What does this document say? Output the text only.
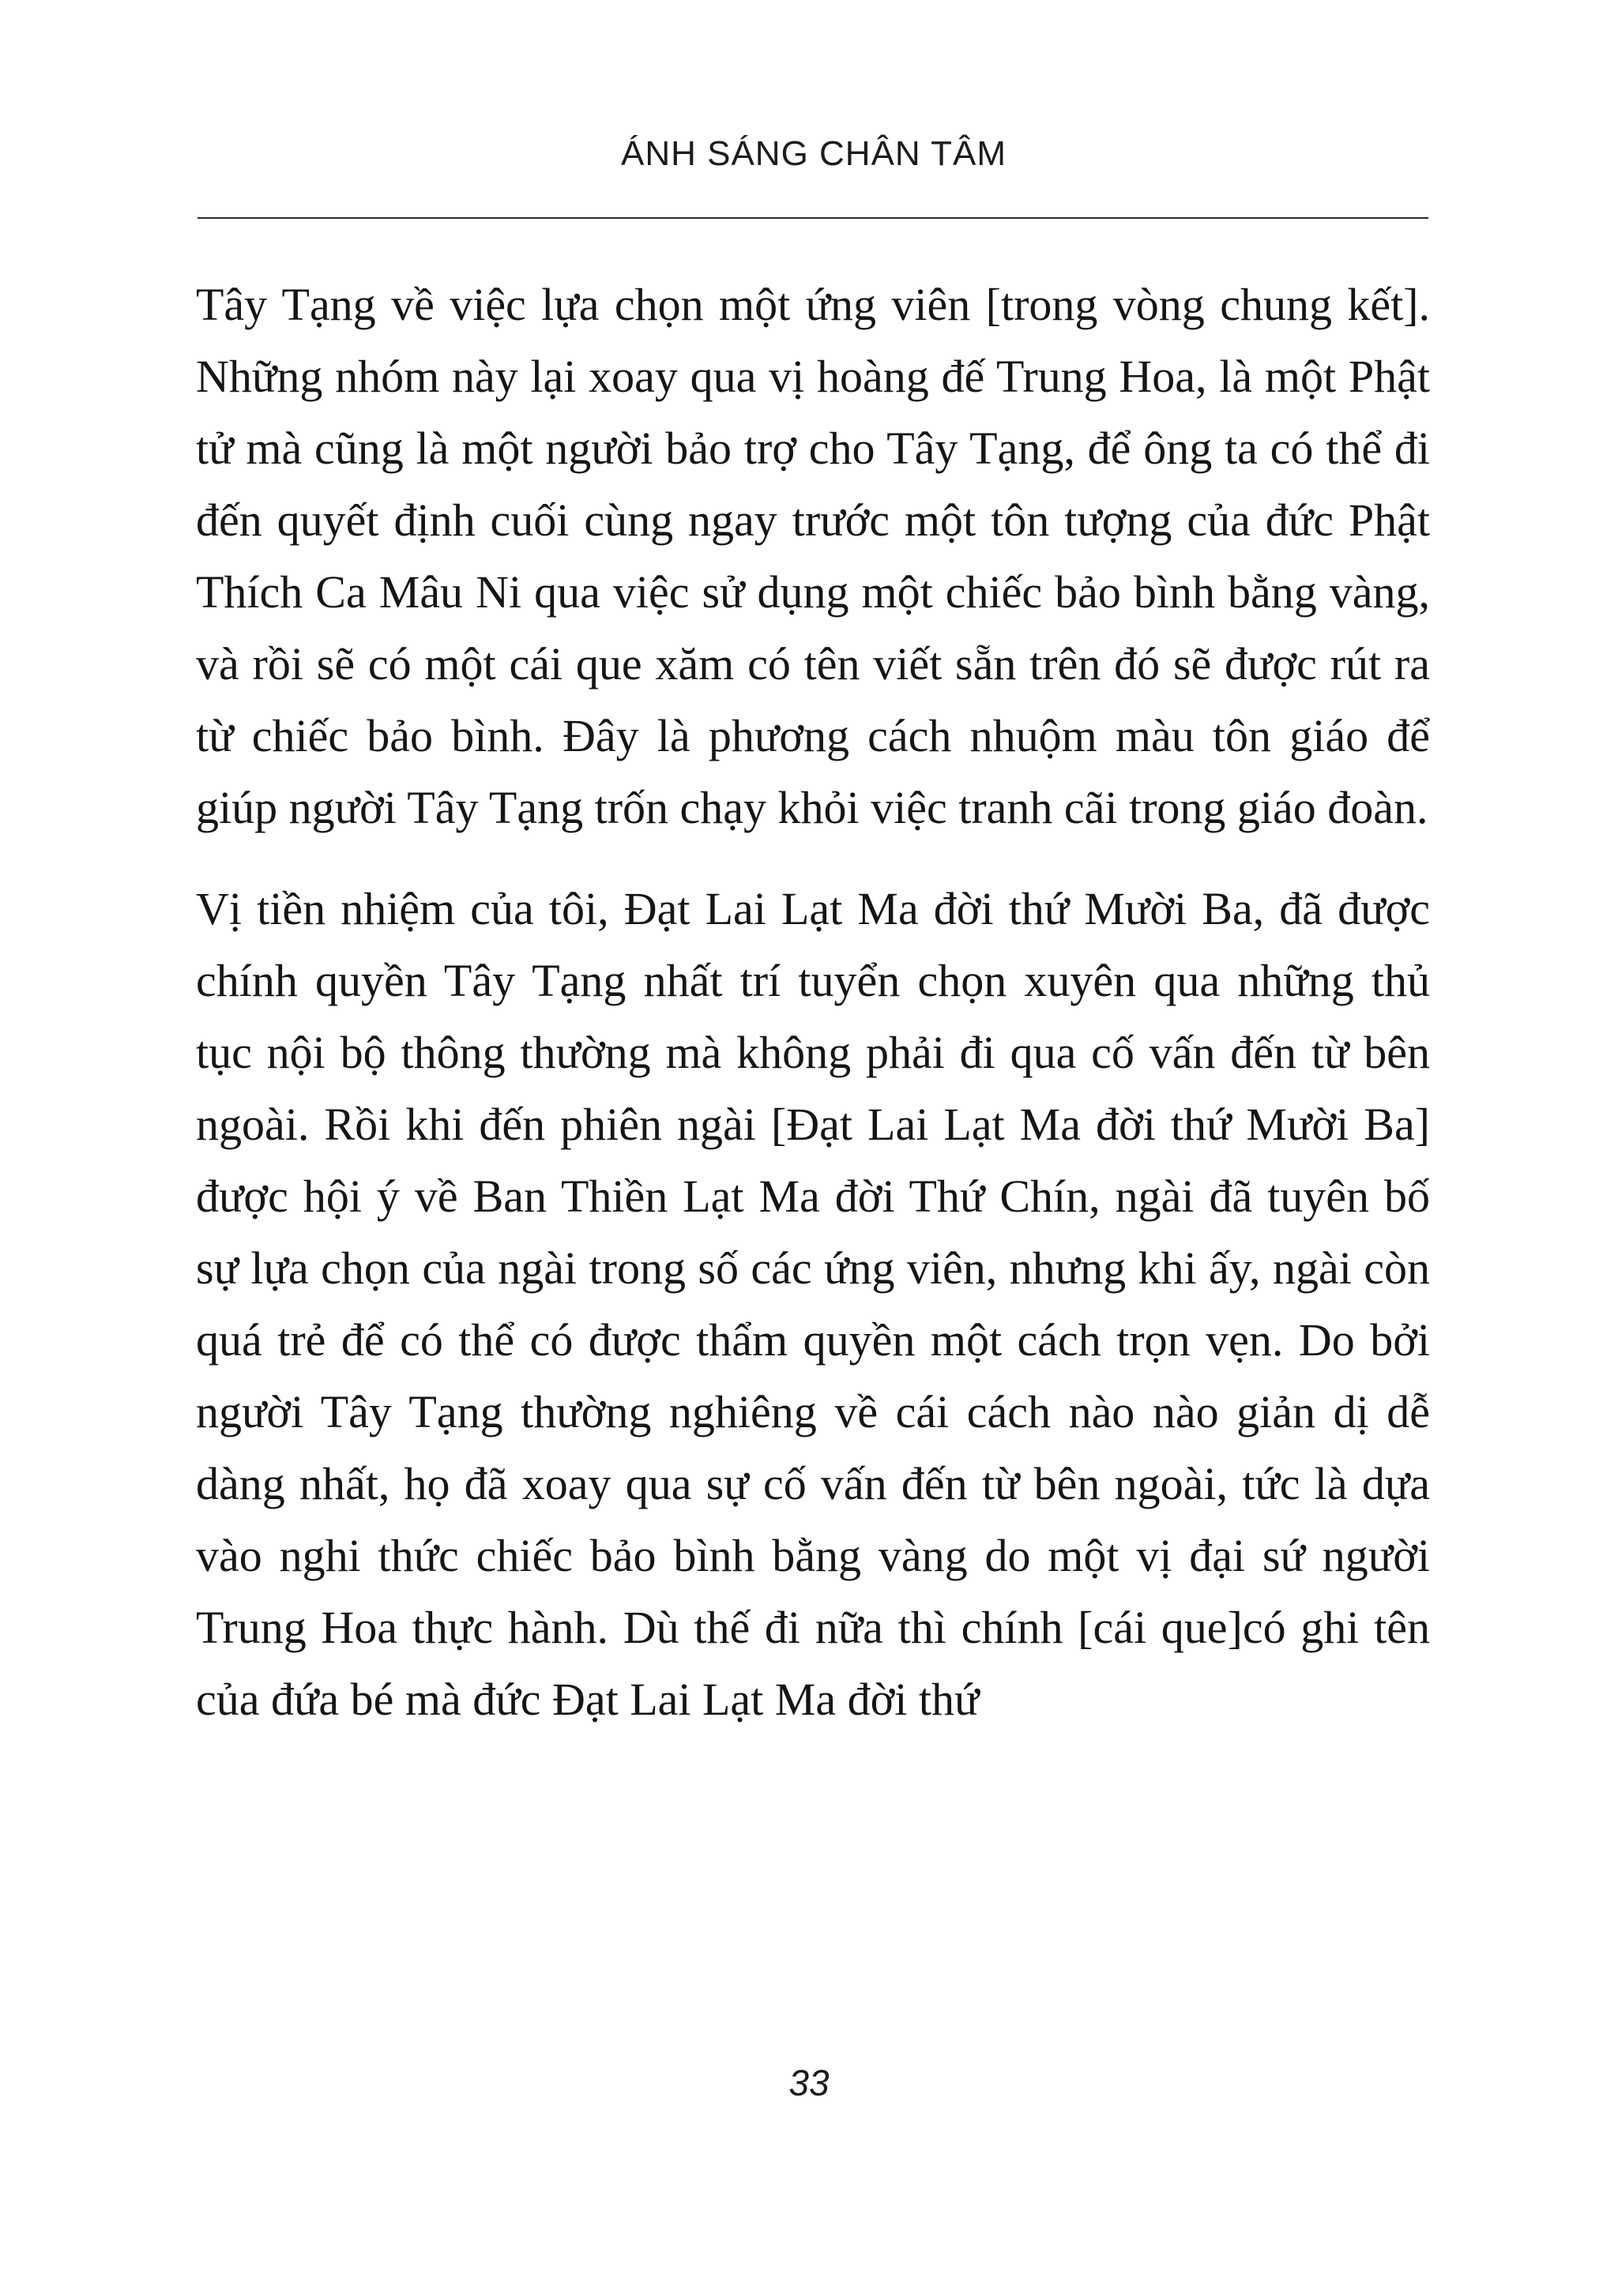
ÁNH SÁNG CHÂN TÂM

Tây Tạng về việc lựa chọn một ứng viên [trong vòng chung kết]. Những nhóm này lại xoay qua vị hoàng đế Trung Hoa, là một Phật tử mà cũng là một người bảo trợ cho Tây Tạng, để ông ta có thể đi đến quyết định cuối cùng ngay trước một tôn tượng của đức Phật Thích Ca Mâu Ni qua việc sử dụng một chiếc bảo bình bằng vàng, và rồi sẽ có một cái que xăm có tên viết sẵn trên đó sẽ được rút ra từ chiếc bảo bình. Đây là phương cách nhuộm màu tôn giáo để giúp người Tây Tạng trốn chạy khỏi việc tranh cãi trong giáo đoàn.

Vị tiền nhiệm của tôi, Đạt Lai Lạt Ma đời thứ Mười Ba, đã được chính quyền Tây Tạng nhất trí tuyển chọn xuyên qua những thủ tục nội bộ thông thường mà không phải đi qua cố vấn đến từ bên ngoài. Rồi khi đến phiên ngài [Đạt Lai Lạt Ma đời thứ Mười Ba] được hội ý về Ban Thiền Lạt Ma đời Thứ Chín, ngài đã tuyên bố sự lựa chọn của ngài trong số các ứng viên, nhưng khi ấy, ngài còn quá trẻ để có thể có được thẩm quyền một cách trọn vẹn. Do bởi người Tây Tạng thường nghiêng về cái cách nào nào giản dị dễ dàng nhất, họ đã xoay qua sự cố vấn đến từ bên ngoài, tức là dựa vào nghi thức chiếc bảo bình bằng vàng do một vị đại sứ người Trung Hoa thực hành. Dù thế đi nữa thì chính [cái que]có ghi tên của đứa bé mà đức Đạt Lai Lạt Ma đời thứ

33
